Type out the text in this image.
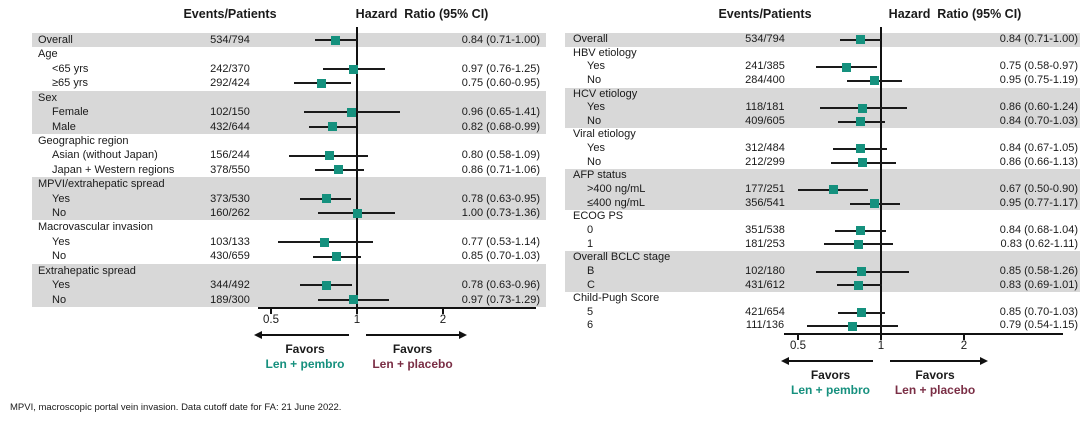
Events/Patients	Hazard  Ratio (95% CI)
Overall	534/794	0.84 (0.71-1.00)
Age
<65 yrs	242/370	0.97 (0.76-1.25)
≥65 yrs	292/424	0.75 (0.60-0.95)
Sex
Female	102/150	0.96 (0.65-1.41)
Male	432/644	0.82 (0.68-0.99)
Geographic region
Asian (without Japan)	156/244	0.80 (0.58-1.09)
Japan + Western regions	378/550	0.86 (0.71-1.06)
MPVI/extrahepatic spread
Yes	373/530	0.78 (0.63-0.95)
No	160/262	1.00 (0.73-1.36)
Macrovascular invasion
Yes	103/133	0.77 (0.53-1.14)
No	430/659	0.85 (0.70-1.03)
Extrahepatic spread
Yes	344/492	0.78 (0.63-0.96)
No	189/300	0.97 (0.73-1.29)
0.5	1	2
Favors	Favors
Len + pembro Len + placebo
Events/Patients	Hazard  Ratio (95% CI)
Overall	534/794	0.84 (0.71-1.00)
HBV etiology
Yes	241/385	0.75 (0.58-0.97)
No	284/400	0.95 (0.75-1.19)
HCV etiology
Yes	118/181	0.86 (0.60-1.24)
No	409/605	0.84 (0.70-1.03)
Viral etiology
Yes	312/484	0.84 (0.67-1.05)
No	212/299	0.86 (0.66-1.13)
AFP status
>400 ng/mL	177/251	0.67 (0.50-0.90)
≤400 ng/mL	356/541	0.95 (0.77-1.17)
ECOG PS
0	351/538	0.84 (0.68-1.04)
1	181/253	0.83 (0.62-1.11)
Overall BCLC stage
B	102/180	0.85 (0.58-1.26)
C	431/612	0.83 (0.69-1.01)
Child-Pugh Score
5	421/654	0.85 (0.70-1.03)
6	111/136	0.79 (0.54-1.15)
0.5	1	2
Favors	Favors
Len + pembro Len + placebo
MPVI, macroscopic portal vein invasion. Data cutoff date for FA: 21 June 2022.
